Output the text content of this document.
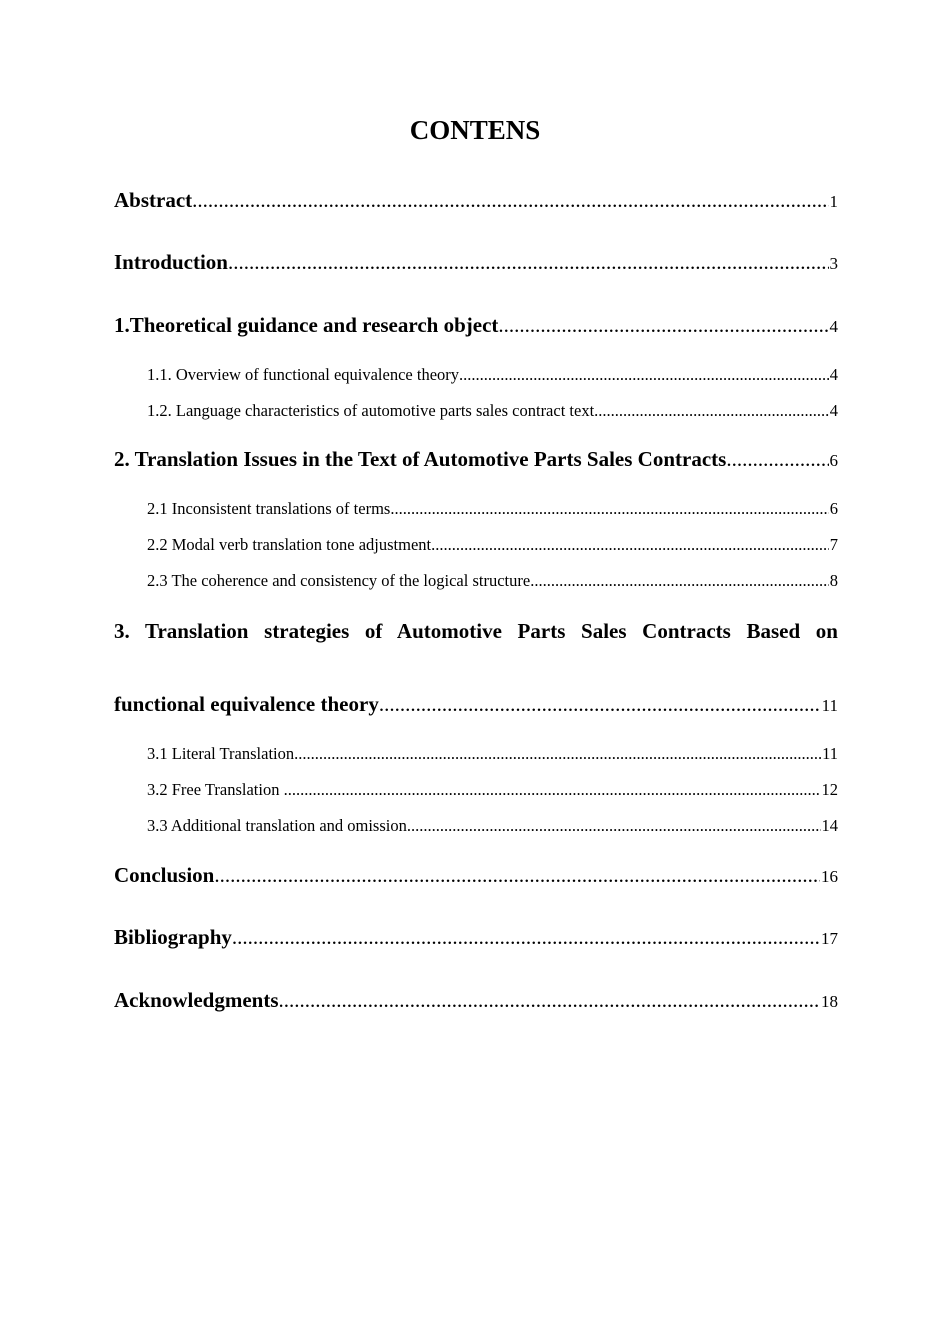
CONTENS
Abstract .....	1
Introduction .....	3
1.Theoretical guidance and research object .....	4
1.1. Overview of functional equivalence theory .....	4
1.2. Language characteristics of automotive parts sales contract text .....	4
2. Translation Issues in the Text of Automotive Parts Sales Contracts .....	6
2.1 Inconsistent translations of terms .....	6
2.2 Modal verb translation tone adjustment .....	7
2.3 The coherence and consistency of the logical structure .....	8
3. Translation strategies of Automotive Parts Sales Contracts Based on
functional equivalence theory .....	11
3.1 Literal Translation .....	11
3.2 Free Translation .....	12
3.3 Additional translation and omission .....	14
Conclusion .....	16
Bibliography .....	17
Acknowledgments .....	18
